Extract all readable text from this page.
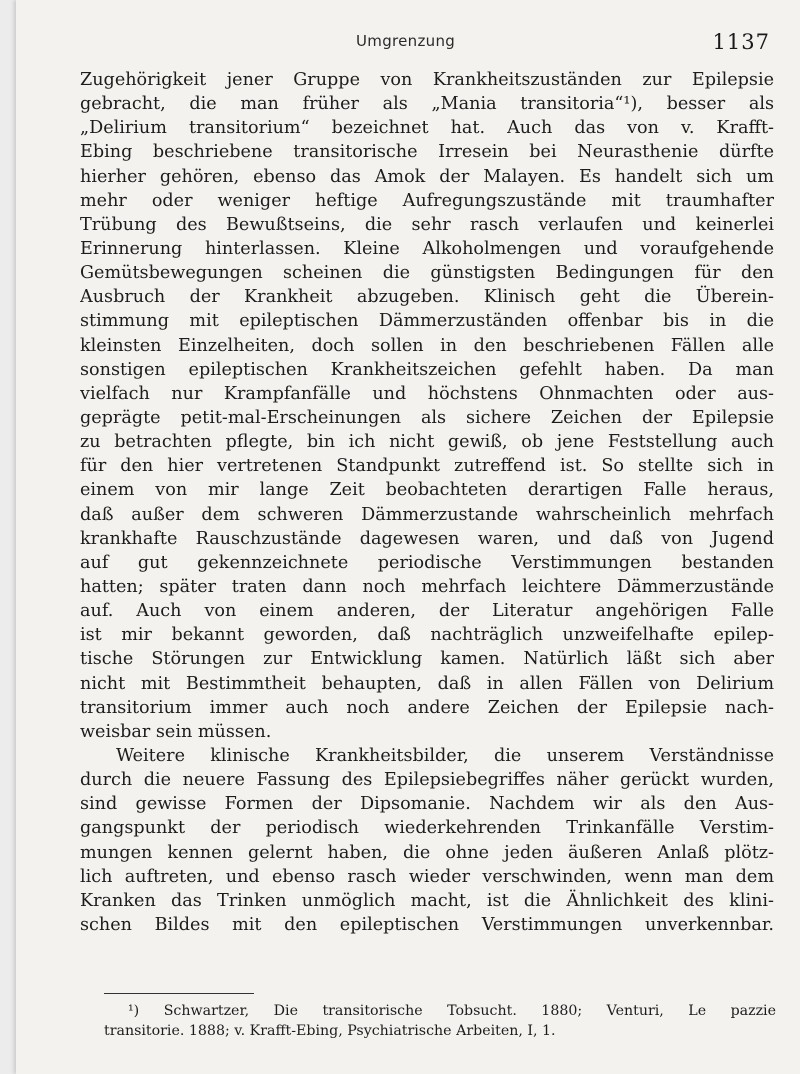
Umgrenzung	1137
Zugehörigkeit jener Gruppe von Krankheitszuständen zur Epilepsie
gebracht, die man früher als „Mania transitoria“¹), besser als
„Delirium transitorium“ bezeichnet hat. Auch das von v. Krafft-
Ebing beschriebene transitorische Irresein bei Neurasthenie dürfte
hierher gehören, ebenso das Amok der Malayen. Es handelt sich um
mehr oder weniger heftige Aufregungszustände mit traumhafter
Trübung des Bewußtseins, die sehr rasch verlaufen und keinerlei
Erinnerung hinterlassen. Kleine Alkoholmengen und voraufgehende
Gemütsbewegungen scheinen die günstigsten Bedingungen für den
Ausbruch der Krankheit abzugeben. Klinisch geht die Überein-
stimmung mit epileptischen Dämmerzuständen offenbar bis in die
kleinsten Einzelheiten, doch sollen in den beschriebenen Fällen alle
sonstigen epileptischen Krankheitszeichen gefehlt haben. Da man
vielfach nur Krampfanfälle und höchstens Ohnmachten oder aus-
geprägte petit-mal-Erscheinungen als sichere Zeichen der Epilepsie
zu betrachten pflegte, bin ich nicht gewiß, ob jene Feststellung auch
für den hier vertretenen Standpunkt zutreffend ist. So stellte sich in
einem von mir lange Zeit beobachteten derartigen Falle heraus,
daß außer dem schweren Dämmerzustande wahrscheinlich mehrfach
krankhafte Rauschzustände dagewesen waren, und daß von Jugend
auf gut gekennzeichnete periodische Verstimmungen bestanden
hatten; später traten dann noch mehrfach leichtere Dämmerzustände
auf. Auch von einem anderen, der Literatur angehörigen Falle
ist mir bekannt geworden, daß nachträglich unzweifelhafte epilep-
tische Störungen zur Entwicklung kamen. Natürlich läßt sich aber
nicht mit Bestimmtheit behaupten, daß in allen Fällen von Delirium
transitorium immer auch noch andere Zeichen der Epilepsie nach-
weisbar sein müssen.
Weitere klinische Krankheitsbilder, die unserem Verständnisse
durch die neuere Fassung des Epilepsiebegriffes näher gerückt wurden,
sind gewisse Formen der Dipsomanie. Nachdem wir als den Aus-
gangspunkt der periodisch wiederkehrenden Trinkanfälle Verstim-
mungen kennen gelernt haben, die ohne jeden äußeren Anlaß plötz-
lich auftreten, und ebenso rasch wieder verschwinden, wenn man dem
Kranken das Trinken unmöglich macht, ist die Ähnlichkeit des klini-
schen Bildes mit den epileptischen Verstimmungen unverkennbar.
¹) Schwartzer, Die transitorische Tobsucht. 1880; Venturi, Le pazzie
transitorie. 1888; v. Krafft-Ebing, Psychiatrische Arbeiten, I, 1.
